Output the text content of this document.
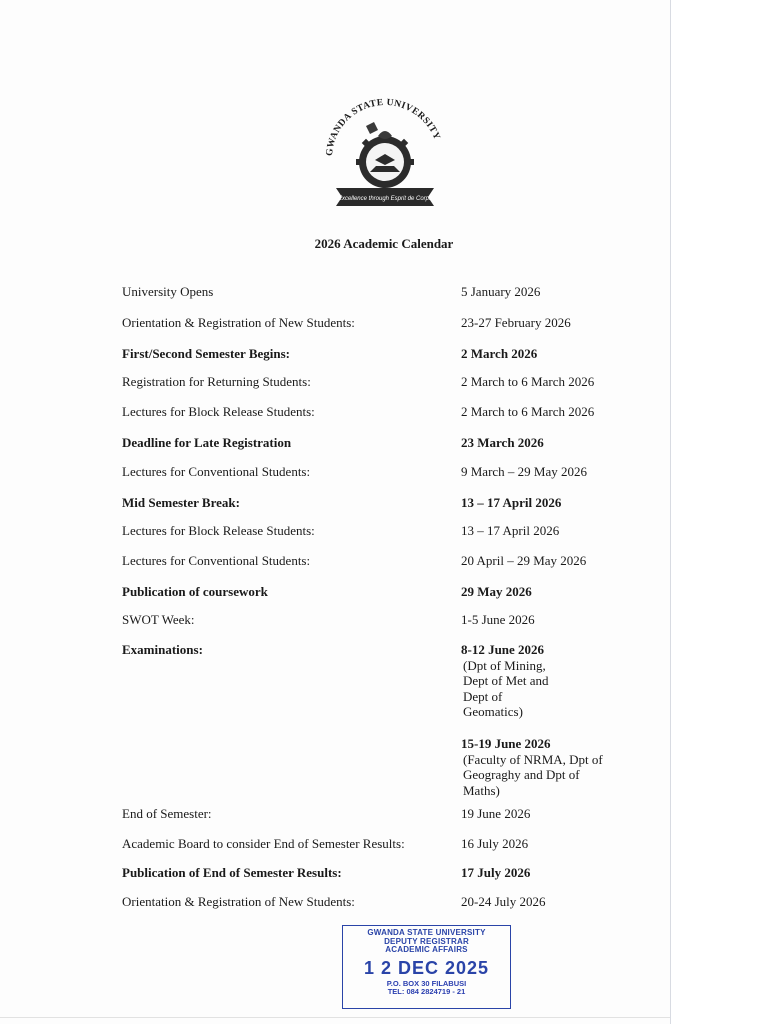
GWANDA STATE UNIVERSITY
Excellence through Esprit de Corps
2026 Academic Calendar
University Opens	5 January 2026
Orientation & Registration of New Students:	23-27 February 2026
First/Second Semester Begins:	2 March 2026
Registration for Returning Students:	2 March to 6 March 2026
Lectures for Block Release Students:	2 March to 6 March 2026
Deadline for Late Registration	23 March 2026
Lectures for Conventional Students:	9 March – 29 May 2026
Mid Semester Break:	13 – 17 April 2026
Lectures for Block Release Students:	13 – 17 April 2026
Lectures for Conventional Students:	20 April – 29 May 2026
Publication of coursework	29 May 2026
SWOT Week:	1-5 June 2026
Examinations:	8-12 June 2026
(Dpt of Mining,
Dept of Met and
Dept of
Geomatics)
15-19 June 2026
(Faculty of NRMA, Dpt of
Geograghy and Dpt of
Maths)
End of Semester:	19 June 2026
Academic Board to consider End of Semester Results:	16 July 2026
Publication of End of Semester Results:	17 July 2026
Orientation & Registration of New Students:	20-24 July 2026
GWANDA STATE UNIVERSITY
DEPUTY REGISTRAR
ACADEMIC AFFAIRS
1 2 DEC 2025
P.O. BOX 30 FILABUSI
TEL: 084 2824719 - 21
